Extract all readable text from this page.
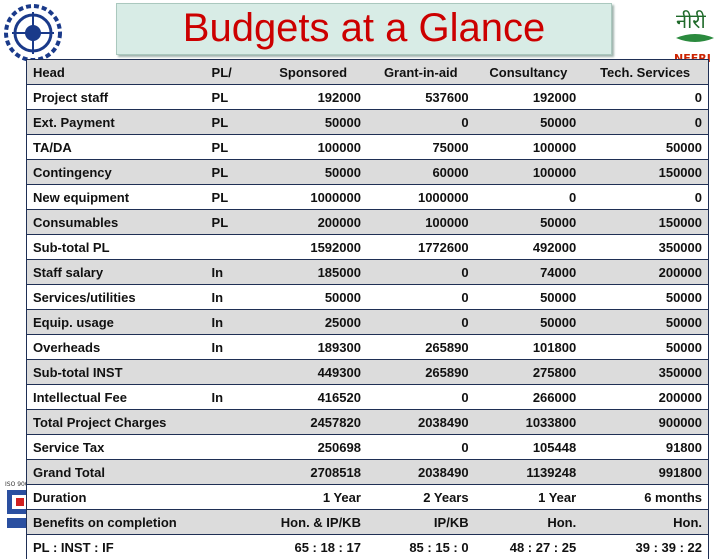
Budgets at a Glance	नीरी
NEERI
ISO 9001
Head	PL/	Sponsored	Grant-in-aid	Consultancy	Tech. Services
Project staff	PL	192000	537600	192000	0
Ext. Payment	PL	50000	0	50000	0
TA/DA	PL	100000	75000	100000	50000
Contingency	PL	50000	60000	100000	150000
New equipment	PL	1000000	1000000	0	0
Consumables	PL	200000	100000	50000	150000
Sub-total PL		1592000	1772600	492000	350000
Staff salary	In	185000	0	74000	200000
Services/utilities	In	50000	0	50000	50000
Equip. usage	In	25000	0	50000	50000
Overheads	In	189300	265890	101800	50000
Sub-total INST		449300	265890	275800	350000
Intellectual Fee	In	416520	0	266000	200000
Total Project Charges		2457820	2038490	1033800	900000
Service Tax		250698	0	105448	91800
Grand Total		2708518	2038490	1139248	991800
Duration		1 Year	2 Years	1 Year	6 months
Benefits on completion		Hon. & IP/KB	IP/KB	Hon.	Hon.
PL : INST : IF		65 : 18 : 17	85 : 15 : 0	48 : 27 : 25	39 : 39 : 22
